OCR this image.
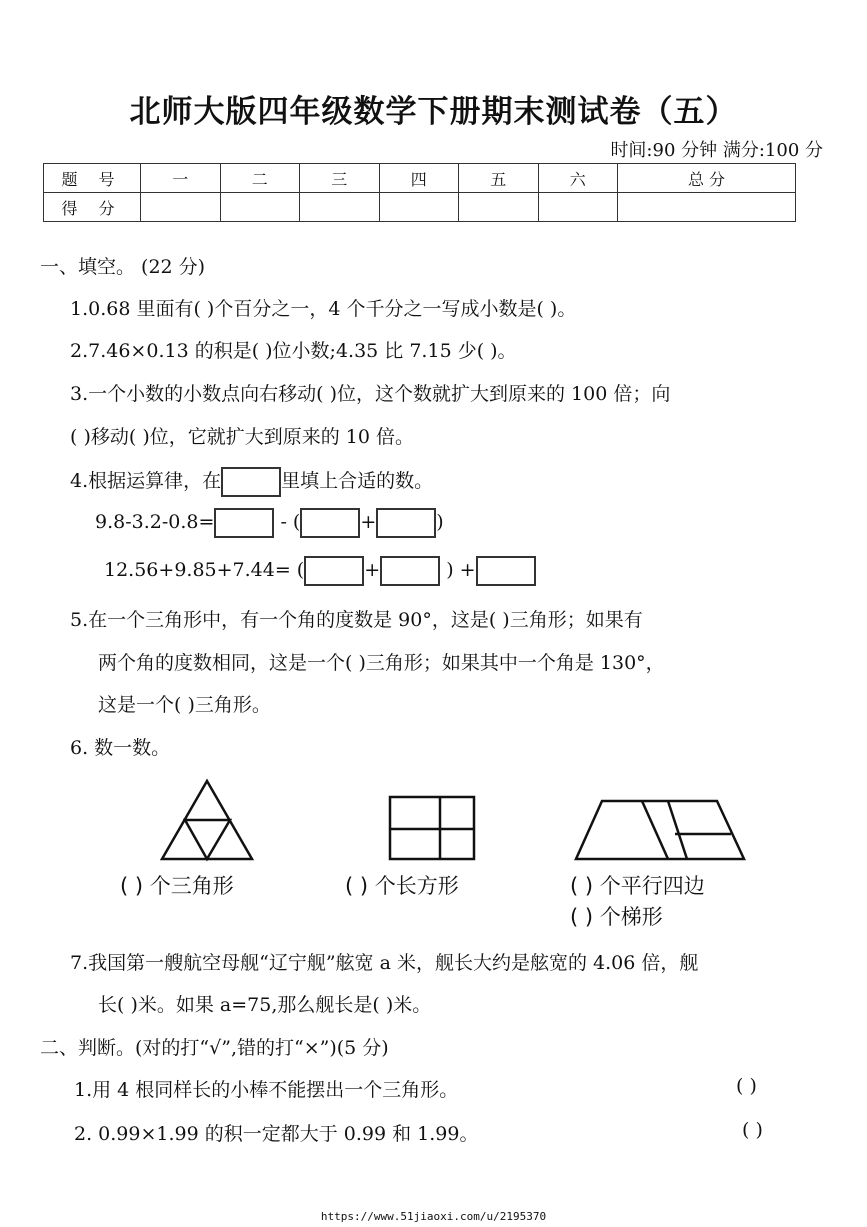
北师大版四年级数学下册期末测试卷（五）
时间:90 分钟 满分:100 分
题 号	一	二	三	四	五	六	总 分
得 分							
一、填空。 (22 分)
1.0.68 里面有( )个百分之一，4 个千分之一写成小数是( )。
2.7.46×0.13 的积是( )位小数;4.35 比 7.15 少( )。
3.一个小数的小数点向右移动( )位，这个数就扩大到原来的 100 倍；向
( )移动( )位，它就扩大到原来的 10 倍。
4.根据运算律，在	里填上合适的数。
9.8-3.2-0.8=	- (	+	)
12.56+9.85+7.44= (	+	) +
5.在一个三角形中，有一个角的度数是 90°，这是( )三角形；如果有
两个角的度数相同，这是一个( )三角形；如果其中一个角是 130°，
这是一个( )三角形。
6. 数一数。
( ) 个三角形	( ) 个长方形	( ) 个平行四边
( ) 个梯形
7.我国第一艘航空母舰“辽宁舰”舷宽 a 米，舰长大约是舷宽的 4.06 倍，舰
长( )米。如果 a=75,那么舰长是( )米。
二、判断。(对的打“√”,错的打“×”)(5 分)
1.用 4 根同样长的小棒不能摆出一个三角形。	( )
2. 0.99×1.99 的积一定都大于 0.99 和 1.99。	( )
https://www.51jiaoxi.com/u/2195370
